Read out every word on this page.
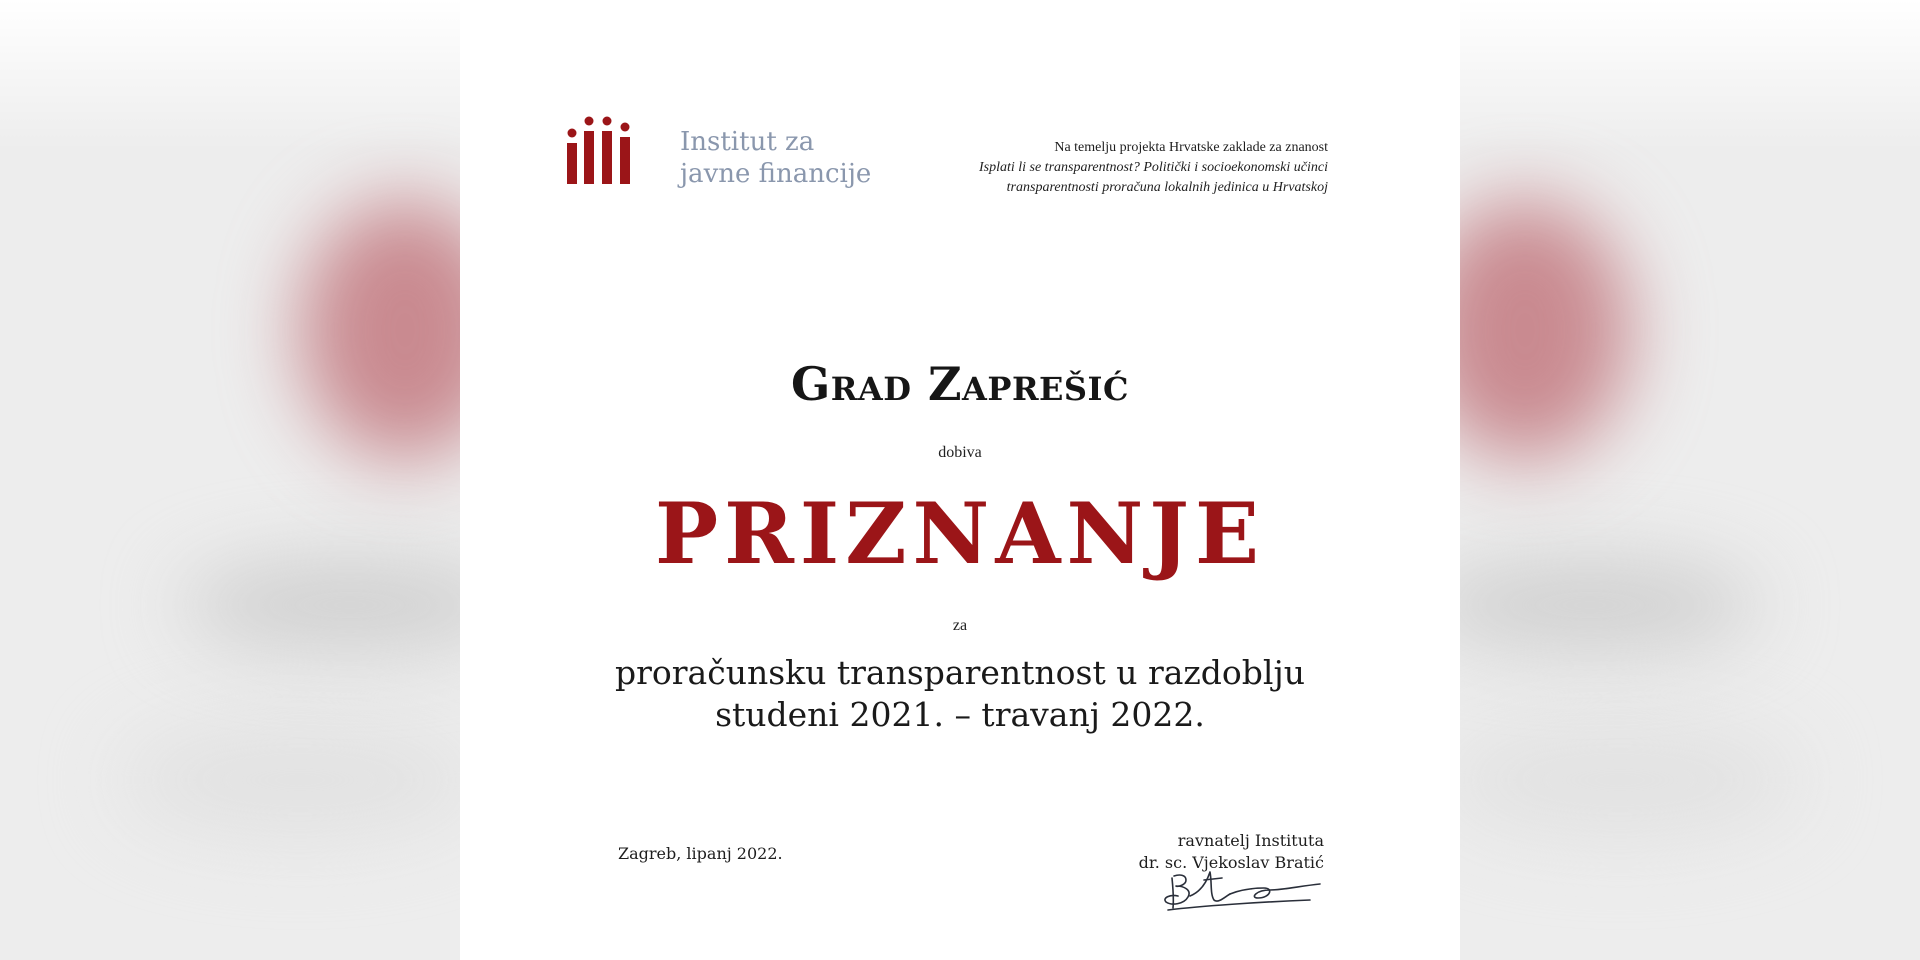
Institut za
javne financije
Na temelju projekta Hrvatske zaklade za znanost
Isplati li se transparentnost? Politički i socioekonomski učinci
transparentnosti proračuna lokalnih jedinica u Hrvatskoj
Grad Zaprešić
dobiva
PRIZNANJE
za
proračunsku transparentnost u razdoblju
studeni 2021. – travanj 2022.
Zagreb, lipanj 2022.
ravnatelj Instituta
dr. sc. Vjekoslav Bratić
